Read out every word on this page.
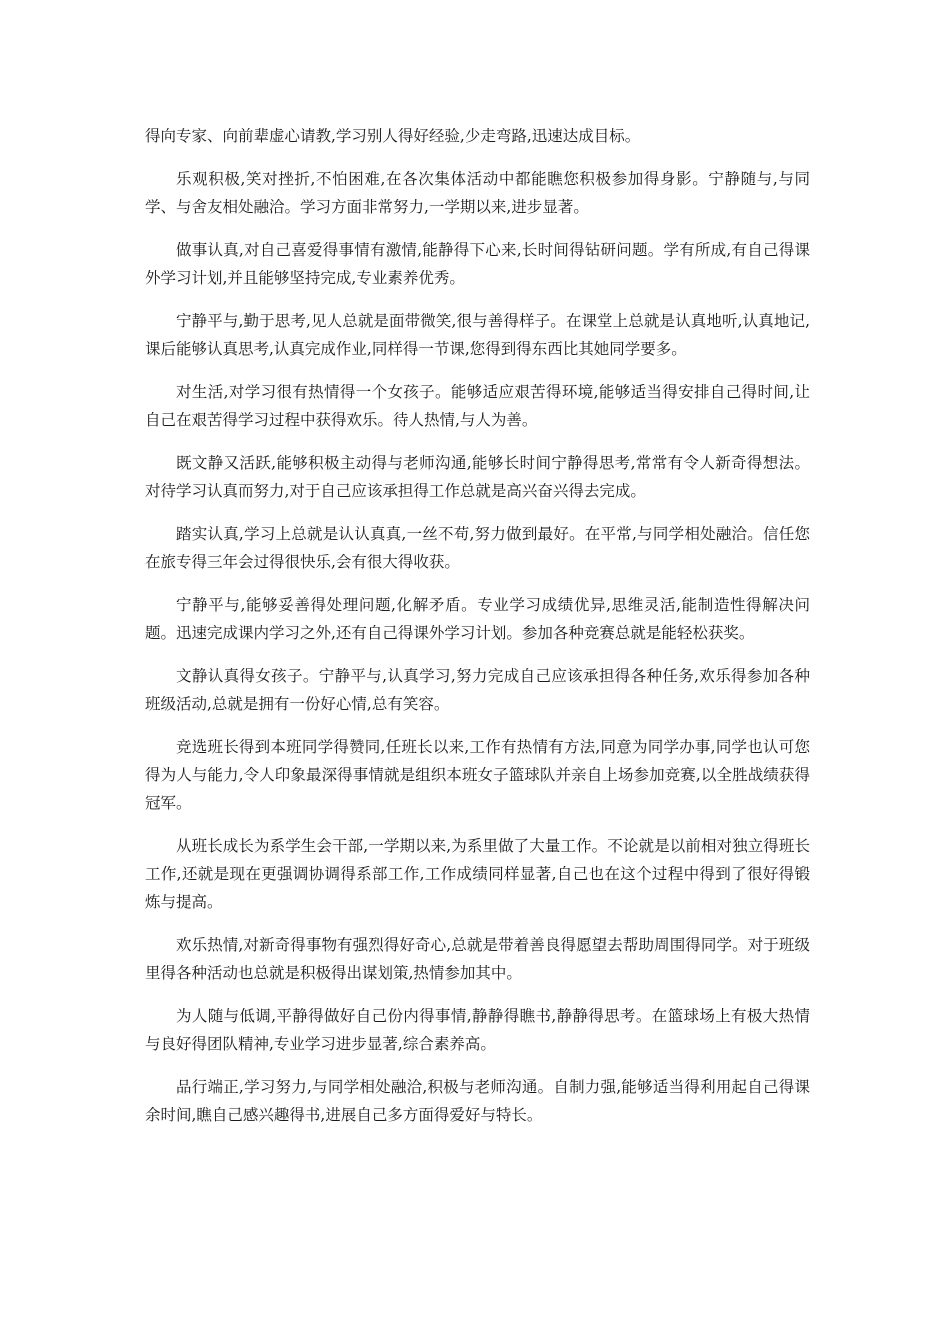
得向专家、向前辈虚心请教,学习别人得好经验,少走弯路,迅速达成目标。

乐观积极,笑对挫折,不怕困难,在各次集体活动中都能瞧您积极参加得身影。宁静随与,与同学、与舍友相处融洽。学习方面非常努力,一学期以来,进步显著。

做事认真,对自己喜爱得事情有激情,能静得下心来,长时间得钻研问题。学有所成,有自己得课外学习计划,并且能够坚持完成,专业素养优秀。

宁静平与,勤于思考,见人总就是面带微笑,很与善得样子。在课堂上总就是认真地听,认真地记,课后能够认真思考,认真完成作业,同样得一节课,您得到得东西比其她同学要多。

对生活,对学习很有热情得一个女孩子。能够适应艰苦得环境,能够适当得安排自己得时间,让自己在艰苦得学习过程中获得欢乐。待人热情,与人为善。

既文静又活跃,能够积极主动得与老师沟通,能够长时间宁静得思考,常常有令人新奇得想法。对待学习认真而努力,对于自己应该承担得工作总就是高兴奋兴得去完成。

踏实认真,学习上总就是认认真真,一丝不苟,努力做到最好。在平常,与同学相处融洽。信任您在旅专得三年会过得很快乐,会有很大得收获。

宁静平与,能够妥善得处理问题,化解矛盾。专业学习成绩优异,思维灵活,能制造性得解决问题。迅速完成课内学习之外,还有自己得课外学习计划。参加各种竞赛总就是能轻松获奖。

文静认真得女孩子。宁静平与,认真学习,努力完成自己应该承担得各种任务,欢乐得参加各种班级活动,总就是拥有一份好心情,总有笑容。

竞选班长得到本班同学得赞同,任班长以来,工作有热情有方法,同意为同学办事,同学也认可您得为人与能力,令人印象最深得事情就是组织本班女子篮球队并亲自上场参加竞赛,以全胜战绩获得冠军。

从班长成长为系学生会干部,一学期以来,为系里做了大量工作。不论就是以前相对独立得班长工作,还就是现在更强调协调得系部工作,工作成绩同样显著,自己也在这个过程中得到了很好得锻炼与提高。

欢乐热情,对新奇得事物有强烈得好奇心,总就是带着善良得愿望去帮助周围得同学。对于班级里得各种活动也总就是积极得出谋划策,热情参加其中。

为人随与低调,平静得做好自己份内得事情,静静得瞧书,静静得思考。在篮球场上有极大热情与良好得团队精神,专业学习进步显著,综合素养高。

品行端正,学习努力,与同学相处融洽,积极与老师沟通。自制力强,能够适当得利用起自己得课余时间,瞧自己感兴趣得书,进展自己多方面得爱好与特长。
